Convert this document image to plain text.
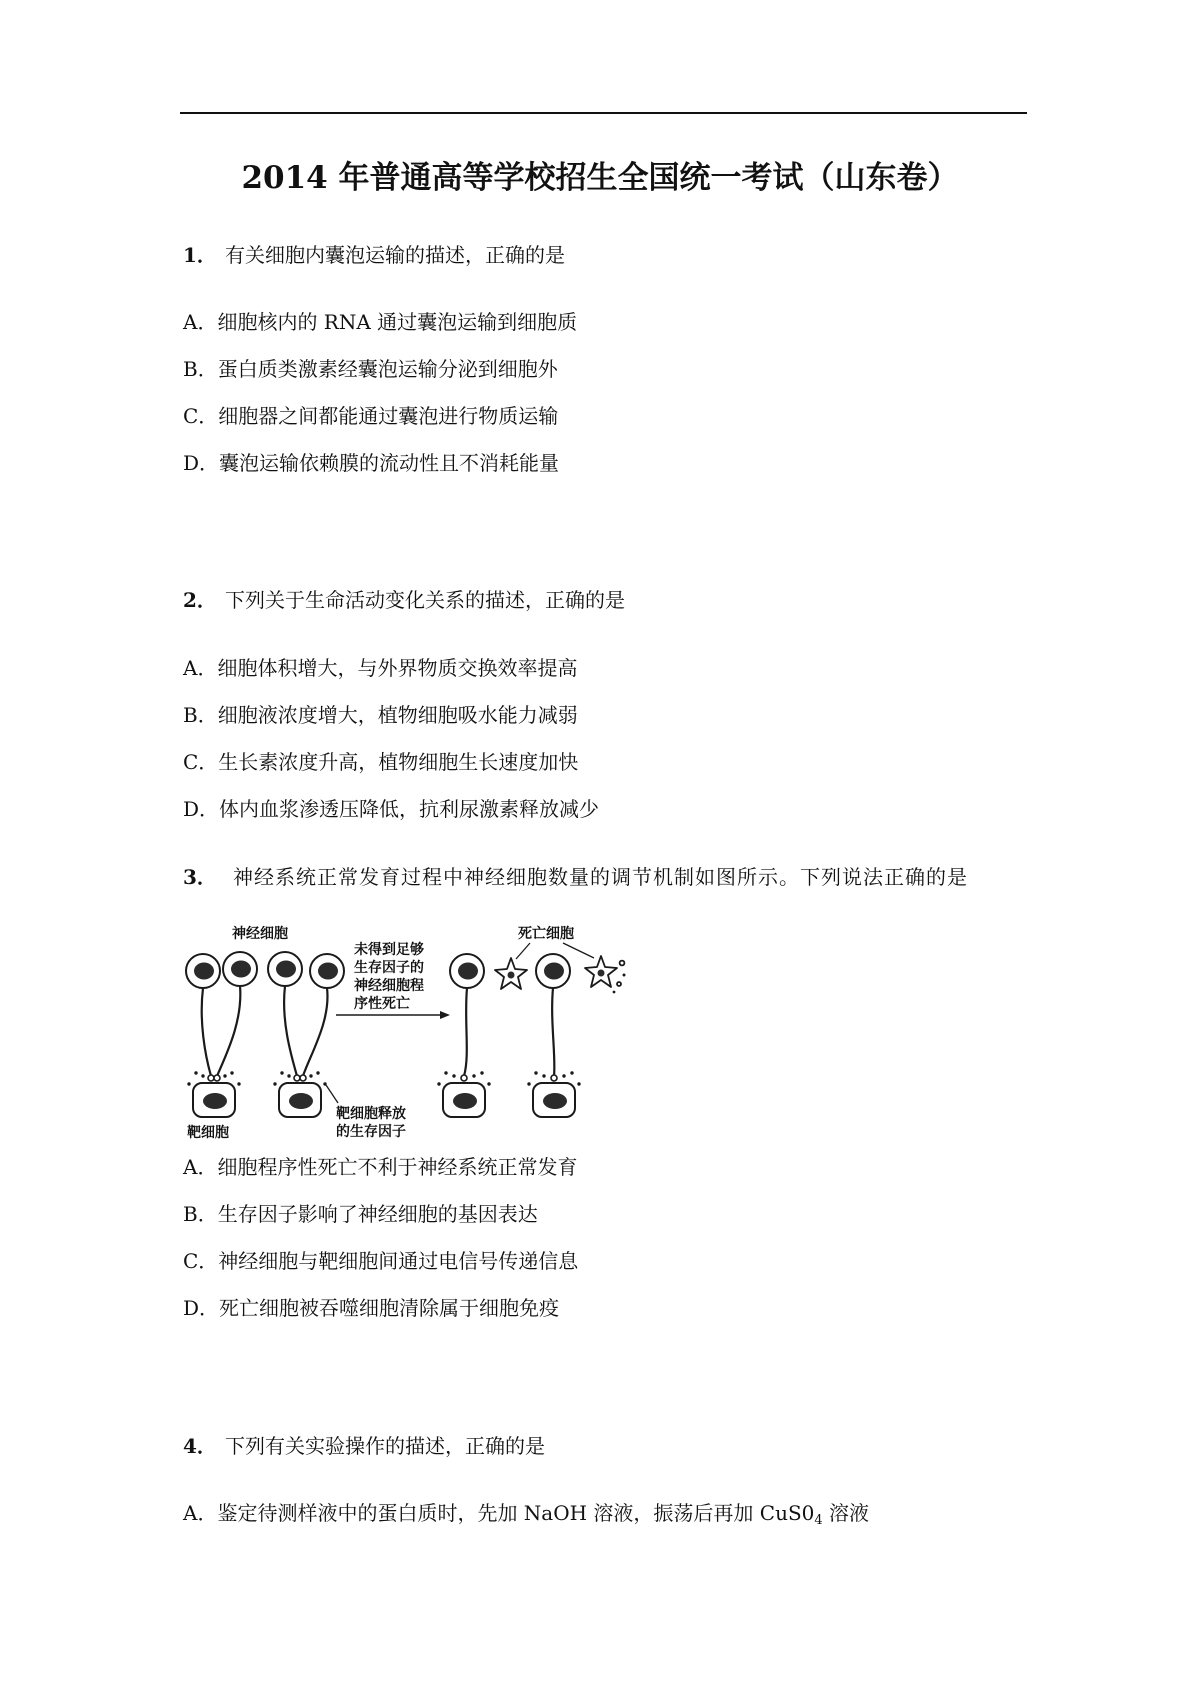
2014 年普通高等学校招生全国统一考试（山东卷）
1． 有关细胞内囊泡运输的描述，正确的是
A．细胞核内的 RNA 通过囊泡运输到细胞质
B．蛋白质类激素经囊泡运输分泌到细胞外
C．细胞器之间都能通过囊泡进行物质运输
D．囊泡运输依赖膜的流动性且不消耗能量
2． 下列关于生命活动变化关系的描述，正确的是
A．细胞体积增大，与外界物质交换效率提高
B．细胞液浓度增大，植物细胞吸水能力减弱
C．生长素浓度升高，植物细胞生长速度加快
D．体内血浆渗透压降低，抗利尿激素释放减少
3． 神经系统正常发育过程中神经细胞数量的调节机制如图所示。下列说法正确的是
神经细胞	死亡细胞
未得到足够
生存因子的
神经细胞程
序性死亡
靶细胞
靶细胞释放
的生存因子
A．细胞程序性死亡不利于神经系统正常发育
B．生存因子影响了神经细胞的基因表达
C．神经细胞与靶细胞间通过电信号传递信息
D．死亡细胞被吞噬细胞清除属于细胞免疫
4． 下列有关实验操作的描述，正确的是
A．鉴定待测样液中的蛋白质时，先加 NaOH 溶液，振荡后再加 $CuS0_4$ 溶液
